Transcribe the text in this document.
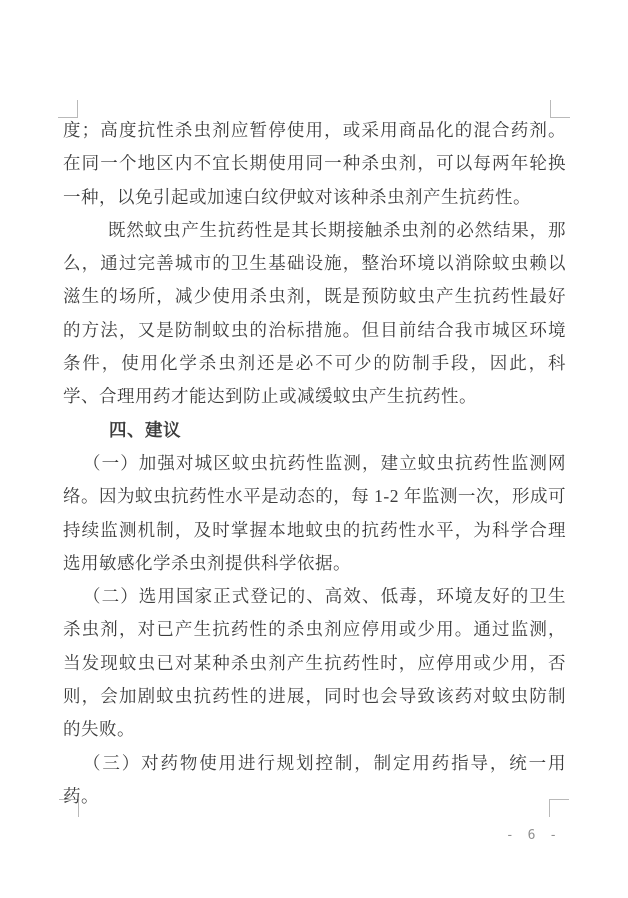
度；高度抗性杀虫剂应暂停使用，或采用商品化的混合药剂。在同一个地区内不宜长期使用同一种杀虫剂，可以每两年轮换一种，以免引起或加速白纹伊蚊对该种杀虫剂产生抗药性。

既然蚊虫产生抗药性是其长期接触杀虫剂的必然结果，那么，通过完善城市的卫生基础设施，整治环境以消除蚊虫赖以滋生的场所，减少使用杀虫剂，既是预防蚊虫产生抗药性最好的方法，又是防制蚊虫的治标措施。但目前结合我市城区环境条件，使用化学杀虫剂还是必不可少的防制手段，因此，科学、合理用药才能达到防止或减缓蚊虫产生抗药性。

四、建议

（一）加强对城区蚊虫抗药性监测，建立蚊虫抗药性监测网络。因为蚊虫抗药性水平是动态的，每 1-2 年监测一次，形成可持续监测机制，及时掌握本地蚊虫的抗药性水平，为科学合理选用敏感化学杀虫剂提供科学依据。

（二）选用国家正式登记的、高效、低毒，环境友好的卫生杀虫剂，对已产生抗药性的杀虫剂应停用或少用。通过监测，当发现蚊虫已对某种杀虫剂产生抗药性时，应停用或少用，否则，会加剧蚊虫抗药性的进展，同时也会导致该药对蚊虫防制的失败。

（三）对药物使用进行规划控制，制定用药指导，统一用药。

- 6 -
